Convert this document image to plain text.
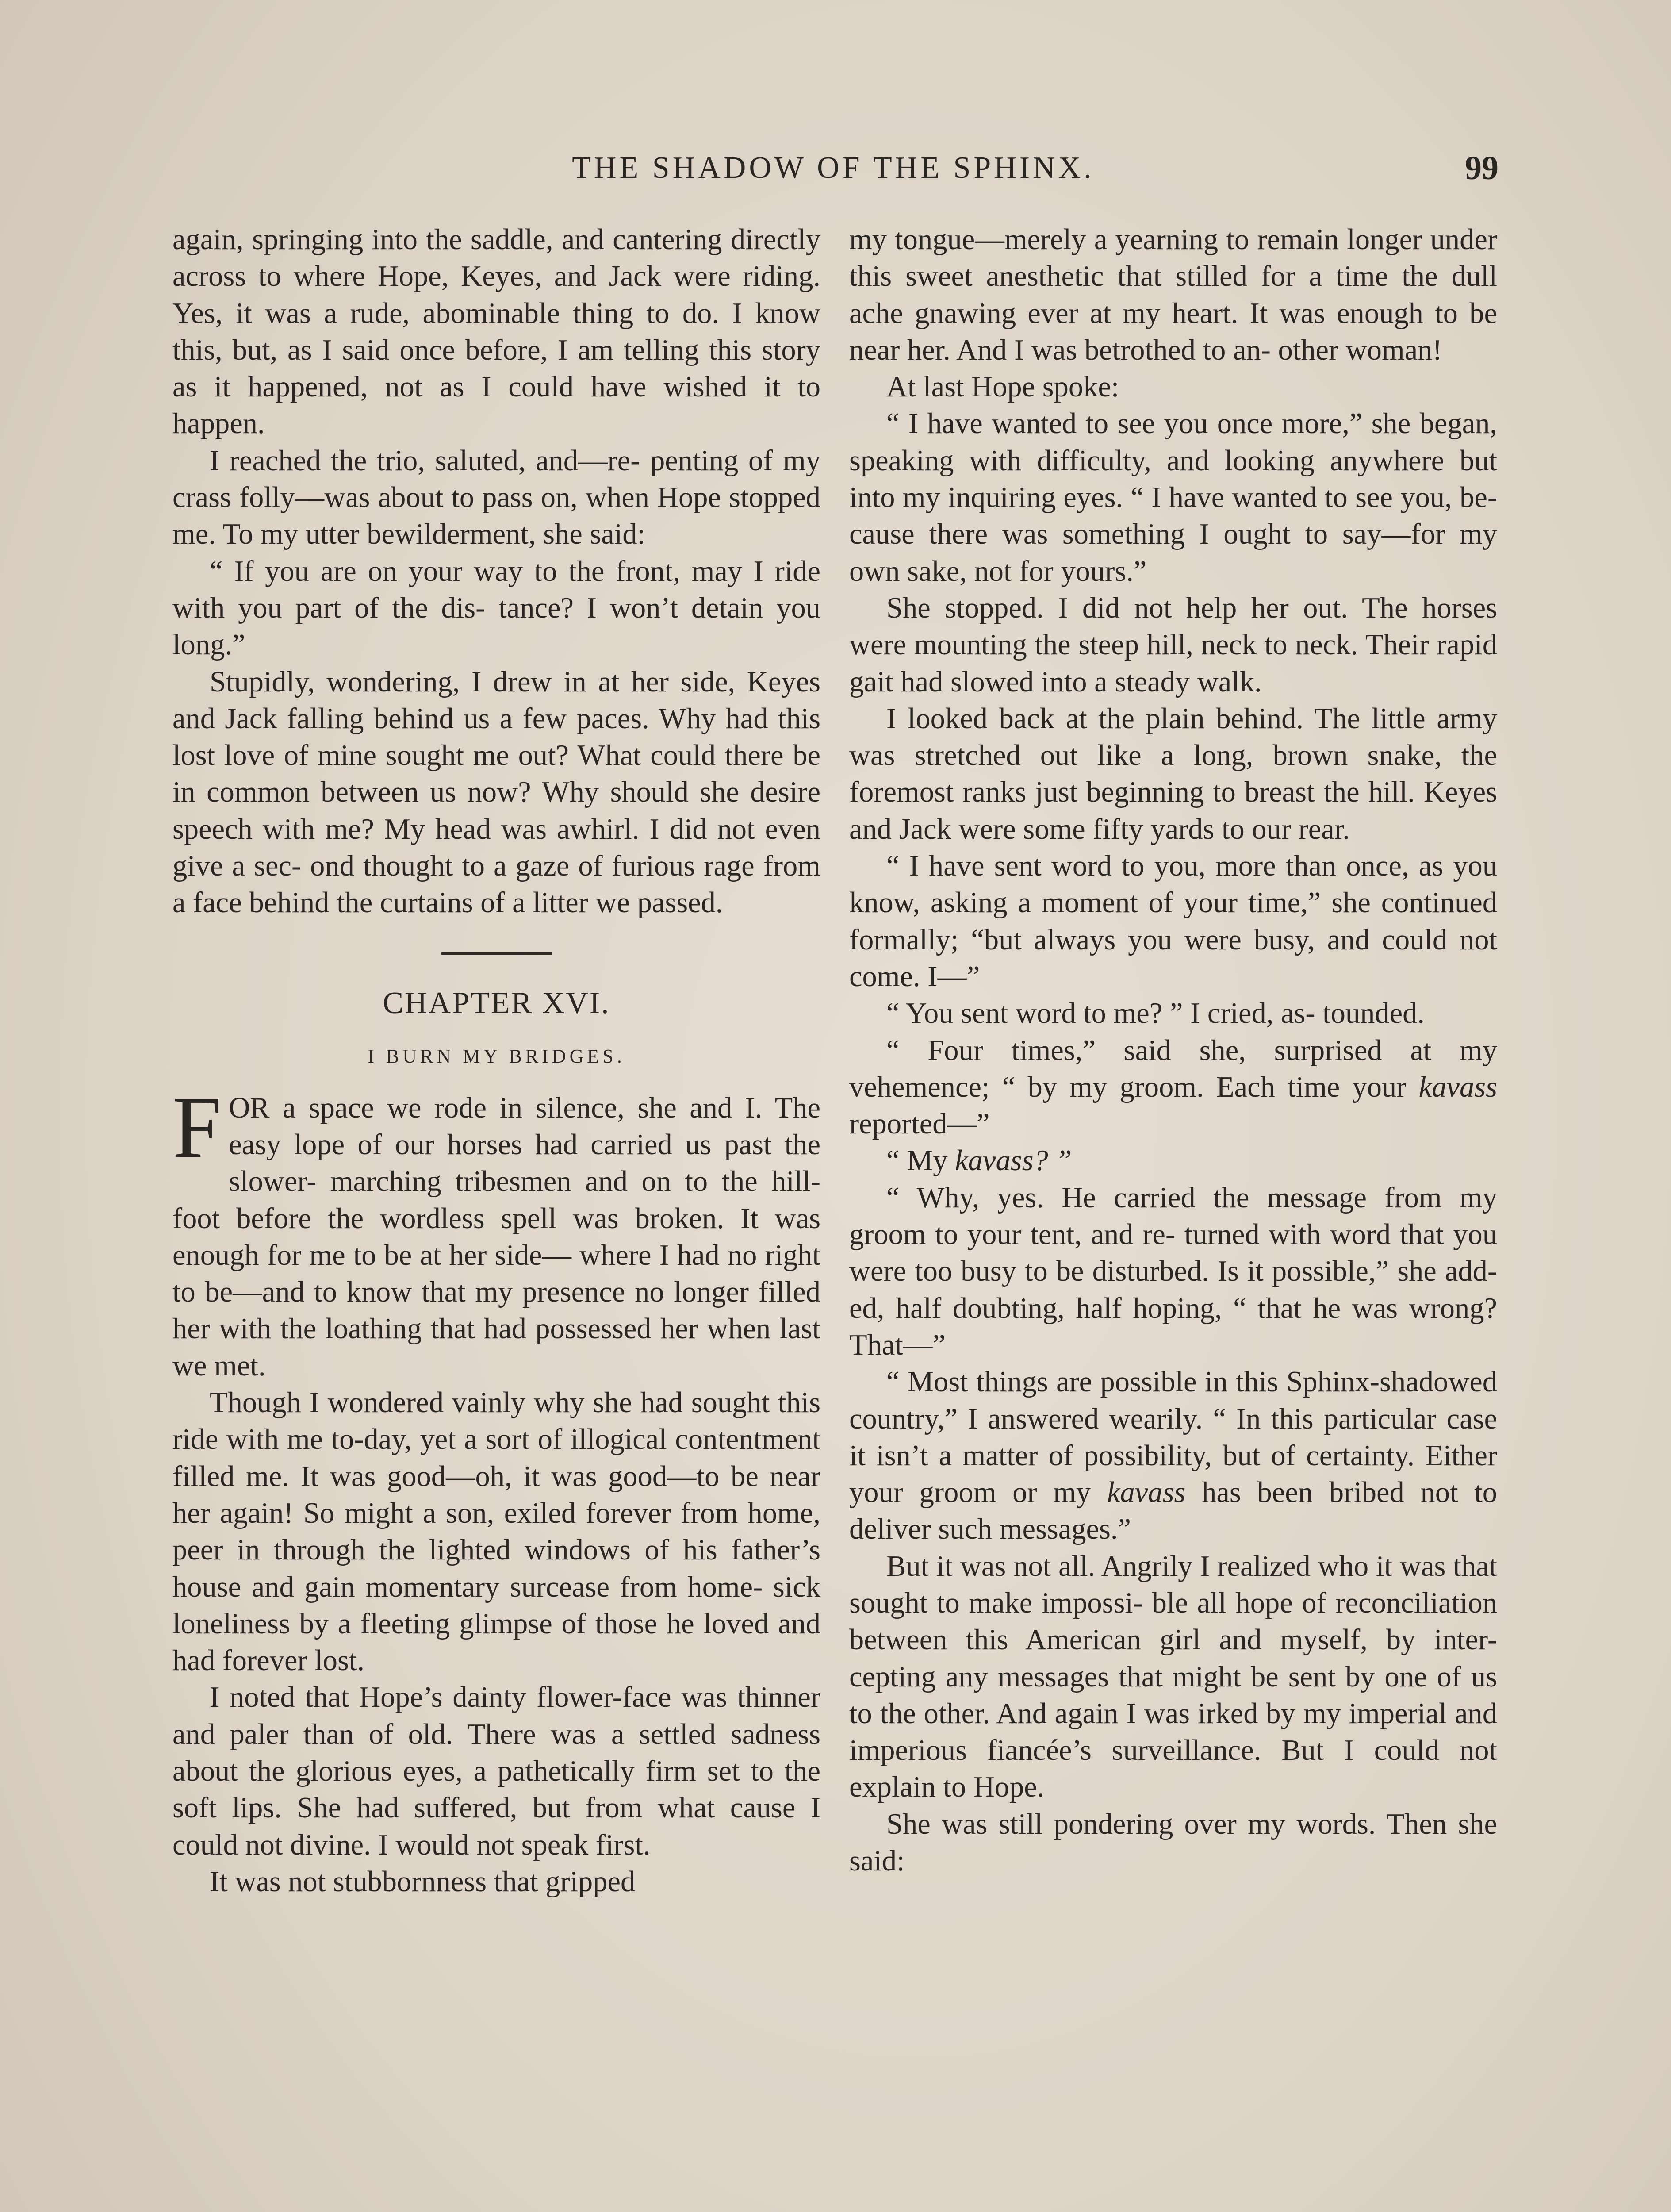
THE SHADOW OF THE SPHINX.	99

again, springing into the saddle, and cantering directly across to where Hope, Keyes, and Jack were riding. Yes, it was a rude, abominable thing to do. I know this, but, as I said once before, I am telling this story as it happened, not as I could have wished it to happen.

I reached the trio, saluted, and—re- penting of my crass folly—was about to pass on, when Hope stopped me. To my utter bewilderment, she said:

“ If you are on your way to the front, may I ride with you part of the dis- tance? I won’t detain you long.”

Stupidly, wondering, I drew in at her side, Keyes and Jack falling behind us a few paces. Why had this lost love of mine sought me out? What could there be in common between us now? Why should she desire speech with me? My head was awhirl. I did not even give a sec- ond thought to a gaze of furious rage from a face behind the curtains of a litter we passed.

CHAPTER XVI.
I BURN MY BRIDGES.

FOR a space we rode in silence, she and I. The easy lope of our horses had carried us past the slower- marching tribesmen and on to the hill- foot before the wordless spell was broken. It was enough for me to be at her side— where I had no right to be—and to know that my presence no longer filled her with the loathing that had possessed her when last we met.

Though I wondered vainly why she had sought this ride with me to-day, yet a sort of illogical contentment filled me. It was good—oh, it was good—to be near her again! So might a son, exiled forever from home, peer in through the lighted windows of his father’s house and gain momentary surcease from home- sick loneliness by a fleeting glimpse of those he loved and had forever lost.

I noted that Hope’s dainty flower-face was thinner and paler than of old. There was a settled sadness about the glorious eyes, a pathetically firm set to the soft lips. She had suffered, but from what cause I could not divine. I would not speak first.

It was not stubbornness that gripped

my tongue—merely a yearning to remain longer under this sweet anesthetic that stilled for a time the dull ache gnawing ever at my heart. It was enough to be near her. And I was betrothed to an- other woman!

At last Hope spoke:

“ I have wanted to see you once more,” she began, speaking with difficulty, and looking anywhere but into my inquiring eyes. “ I have wanted to see you, be- cause there was something I ought to say—for my own sake, not for yours.”

She stopped. I did not help her out. The horses were mounting the steep hill, neck to neck. Their rapid gait had slowed into a steady walk.

I looked back at the plain behind. The little army was stretched out like a long, brown snake, the foremost ranks just beginning to breast the hill. Keyes and Jack were some fifty yards to our rear.

“ I have sent word to you, more than once, as you know, asking a moment of your time,” she continued formally; “but always you were busy, and could not come. I—”

“ You sent word to me? ” I cried, as- tounded.

“ Four times,” said she, surprised at my vehemence; “ by my groom. Each time your kavass reported—”

“ My kavass? ”

“ Why, yes. He carried the message from my groom to your tent, and re- turned with word that you were too busy to be disturbed. Is it possible,” she add- ed, half doubting, half hoping, “ that he was wrong? That—”

“ Most things are possible in this Sphinx-shadowed country,” I answered wearily. “ In this particular case it isn’t a matter of possibility, but of certainty. Either your groom or my kavass has been bribed not to deliver such messages.”

But it was not all. Angrily I realized who it was that sought to make impossi- ble all hope of reconciliation between this American girl and myself, by inter- cepting any messages that might be sent by one of us to the other. And again I was irked by my imperial and imperious fiancée’s surveillance. But I could not explain to Hope.

She was still pondering over my words. Then she said:
